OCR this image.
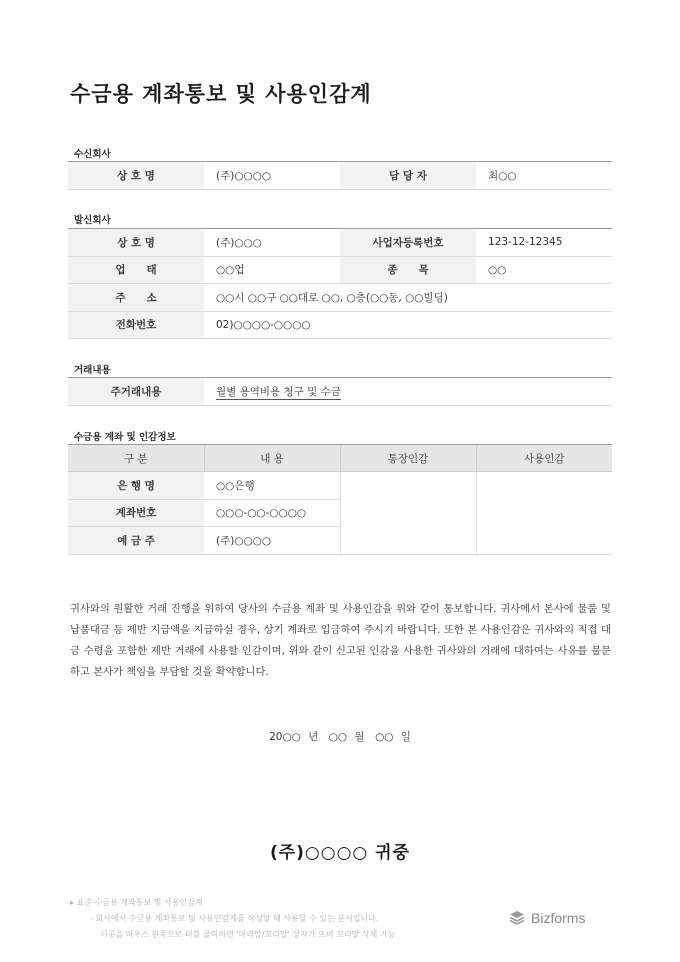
수금용 계좌통보 및 사용인감계
수신회사
상 호 명	(주)○○○○	담 당 자	최○○
발신회사
상 호 명	(주)○○○	사업자등록번호	123-12-12345
업　　태	○○업	종　　목	○○
주　　소	○○시 ○○구 ○○대로 ○○, ○층(○○동, ○○빌딩)		
전화번호	02)○○○○-○○○○		
거래내용
주거래내용	월별 용역비용 청구 및 수금
수금용 계좌 및 인감정보
구 분	내 용	통장인감	사용인감
은 행 명	○○은행		
계좌번호	○○○-○○-○○○○		
예 금 주	(주)○○○○		

귀사와의 원활한 거래 진행을 위하여 당사의 수금용 계좌 및 사용인감을 위와 같이 통보합니다. 귀사에서 본사에 물품 및 납품대금 등 제반 지급액을 지급하실 경우, 상기 계좌로 입금하여 주시기 바랍니다. 또한 본 사용인감은 귀사와의 직접 대금 수령을 포함한 제반 거래에 사용할 인감이며, 위와 같이 신고된 인감을 사용한 귀사와의 거래에 대하여는 사유를 불문하고 본사가 책임을 부담할 것을 확약합니다.

20○○ 년　○○ 월　○○ 일
(주)○○○○ 귀중
▸ 표준 수금용 계좌통보 및 사용인감계
- 회사에서 수금용 계좌통보 및 사용인감계를 작성할 때 사용할 수 있는 문서입니다.
이곳을 마우스 왼쪽으로 더블 클릭하면 '머리말/꼬리말' 상자가 뜨며 꼬리말 삭제 가능
Bizforms
